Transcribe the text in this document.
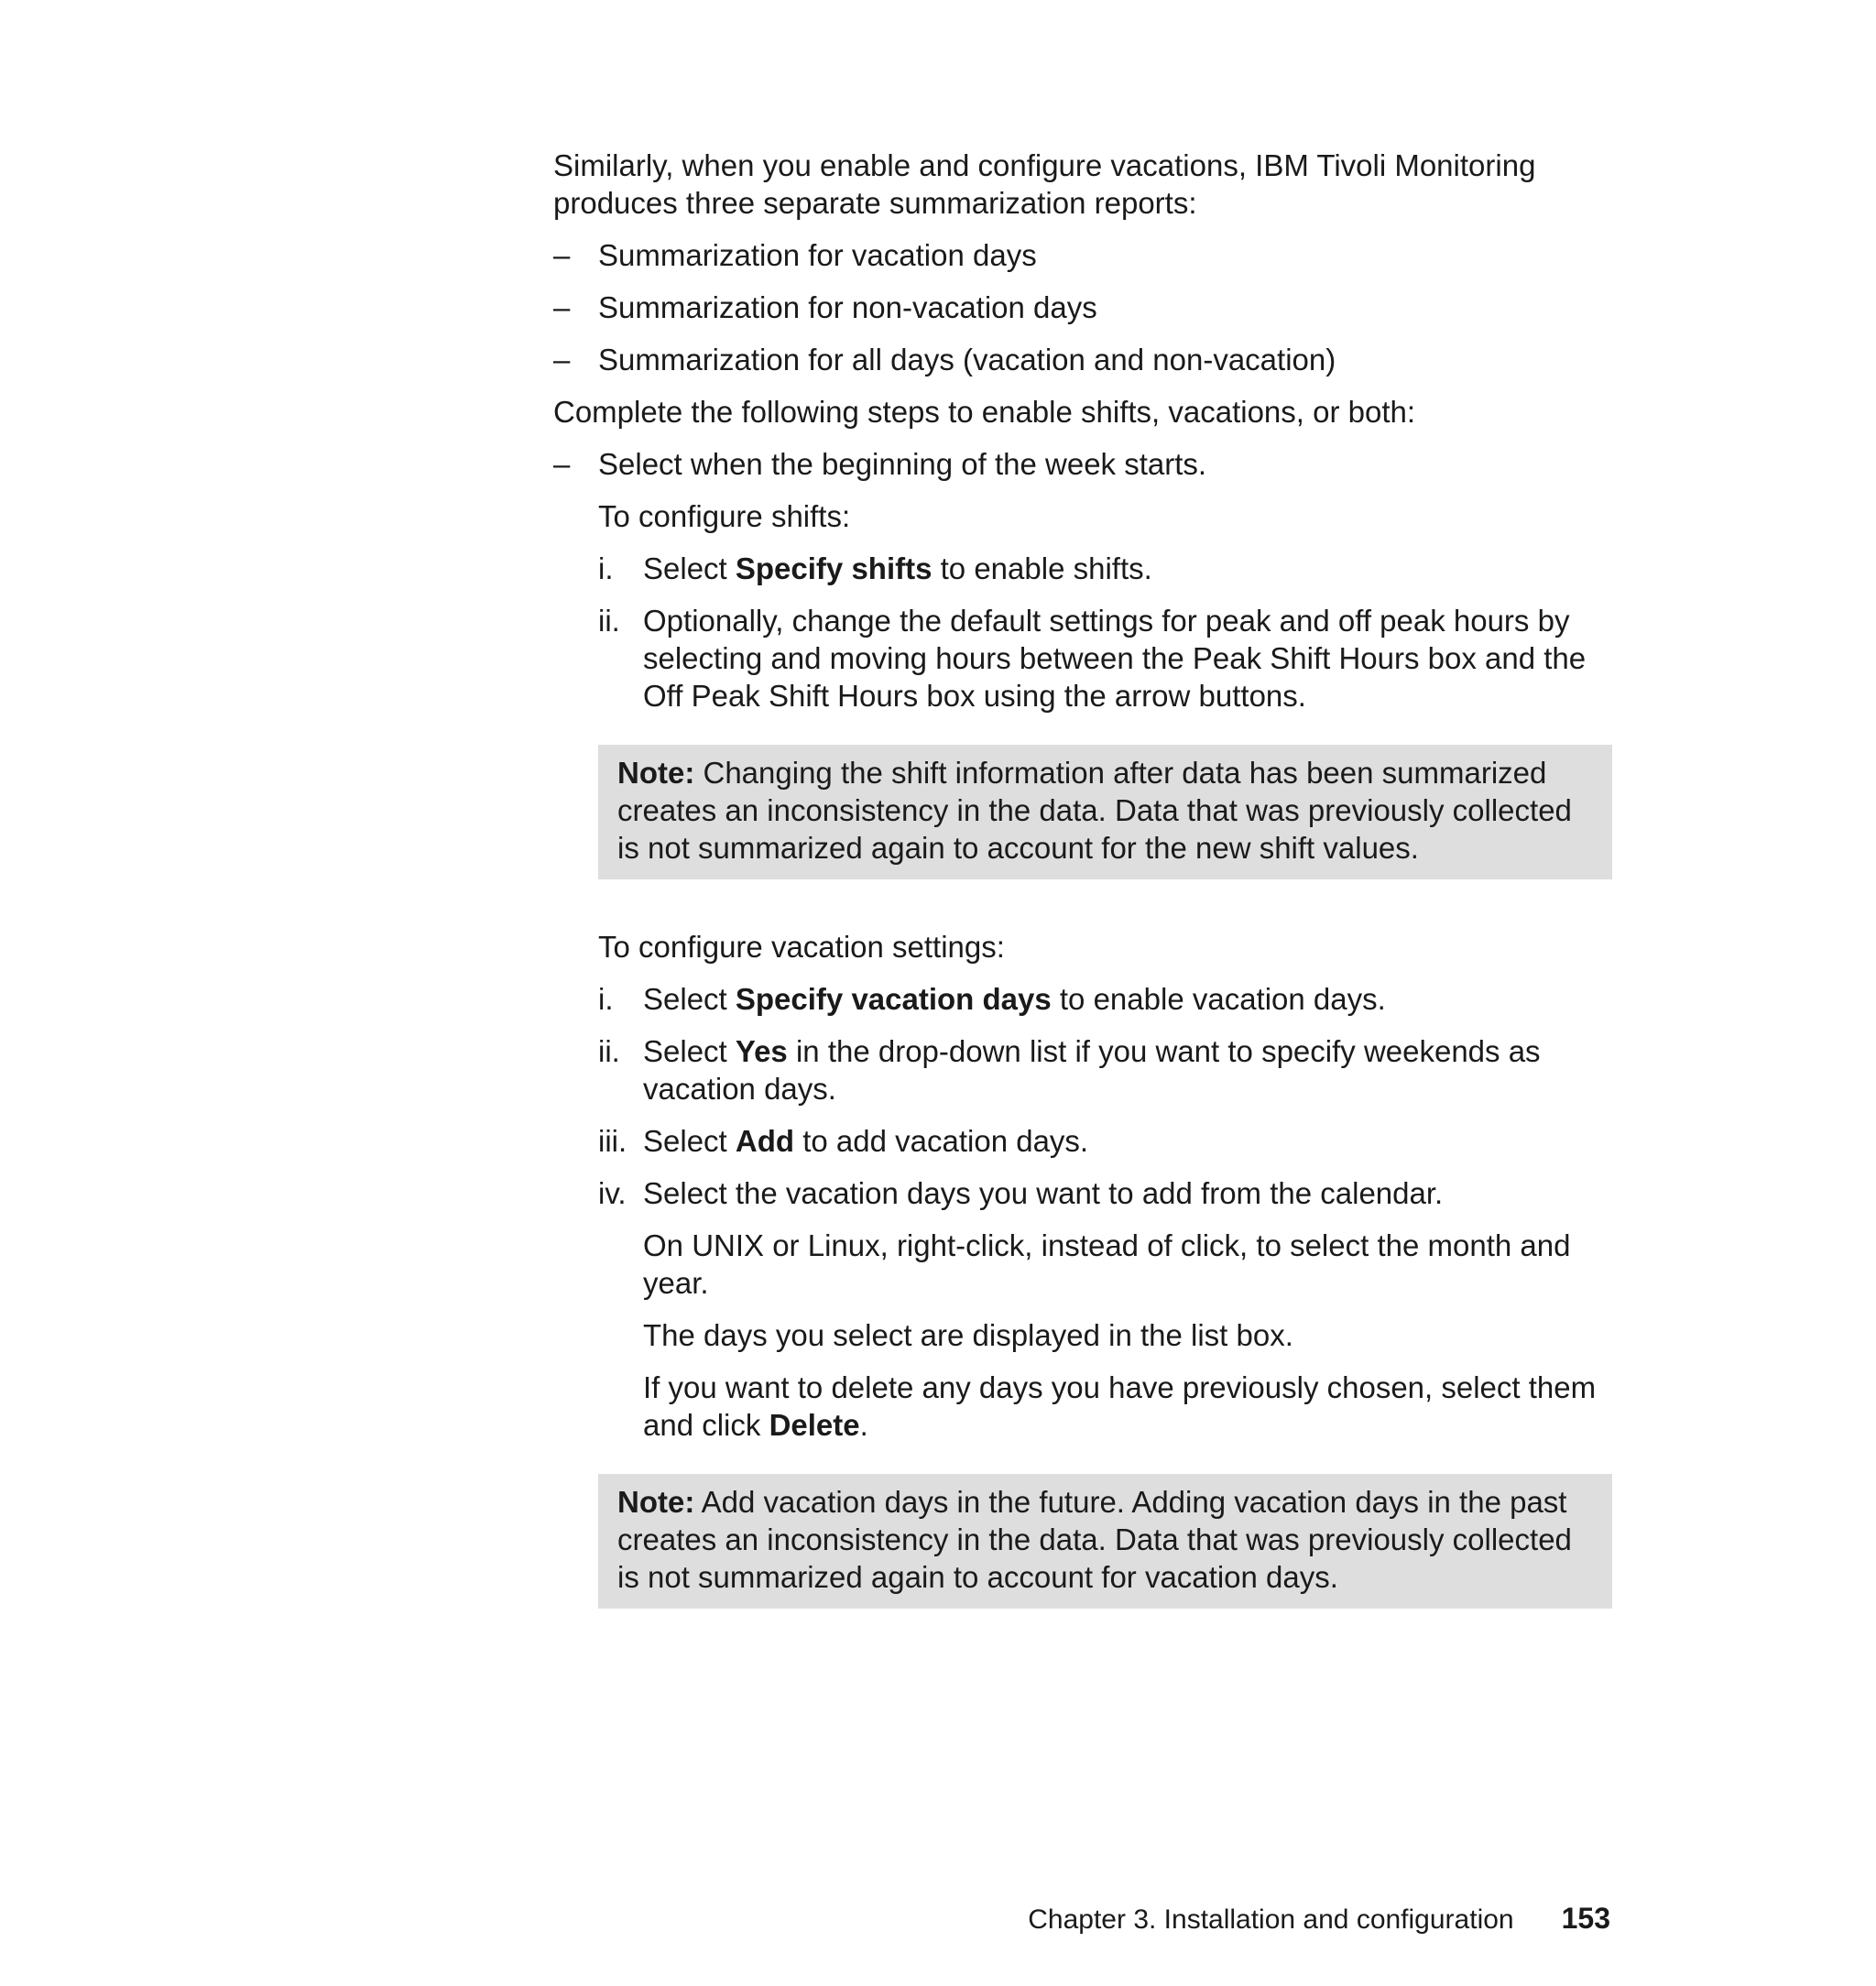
Similarly, when you enable and configure vacations, IBM Tivoli Monitoring produces three separate summarization reports:

– Summarization for vacation days
– Summarization for non-vacation days
– Summarization for all days (vacation and non-vacation)

Complete the following steps to enable shifts, vacations, or both:

– Select when the beginning of the week starts.

To configure shifts:

i. Select Specify shifts to enable shifts.
ii. Optionally, change the default settings for peak and off peak hours by selecting and moving hours between the Peak Shift Hours box and the Off Peak Shift Hours box using the arrow buttons.
Note: Changing the shift information after data has been summarized creates an inconsistency in the data. Data that was previously collected is not summarized again to account for the new shift values.

To configure vacation settings:

i. Select Specify vacation days to enable vacation days.
ii. Select Yes in the drop-down list if you want to specify weekends as vacation days.
iii. Select Add to add vacation days.
iv. Select the vacation days you want to add from the calendar.

On UNIX or Linux, right-click, instead of click, to select the month and year.

The days you select are displayed in the list box.

If you want to delete any days you have previously chosen, select them and click Delete.

Note: Add vacation days in the future. Adding vacation days in the past creates an inconsistency in the data. Data that was previously collected is not summarized again to account for vacation days.
Chapter 3. Installation and configuration 153
